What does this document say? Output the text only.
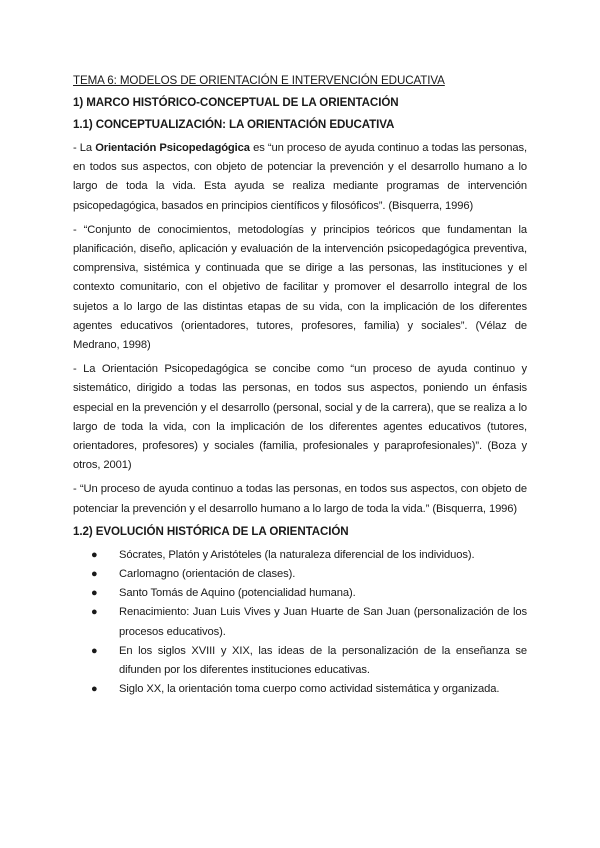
TEMA 6: MODELOS DE ORIENTACIÓN E INTERVENCIÓN EDUCATIVA
1) MARCO HISTÓRICO-CONCEPTUAL DE LA ORIENTACIÓN
1.1) CONCEPTUALIZACIÓN: LA ORIENTACIÓN EDUCATIVA

- La Orientación Psicopedagógica es “un proceso de ayuda continuo a todas las personas, en todos sus aspectos, con objeto de potenciar la prevención y el desarrollo humano a lo largo de toda la vida. Esta ayuda se realiza mediante programas de intervención psicopedagógica, basados en principios científicos y filosóficos”. (Bisquerra, 1996)

- “Conjunto de conocimientos, metodologías y principios teóricos que fundamentan la planificación, diseño, aplicación y evaluación de la intervención psicopedagógica preventiva, comprensiva, sistémica y continuada que se dirige a las personas, las instituciones y el contexto comunitario, con el objetivo de facilitar y promover el desarrollo integral de los sujetos a lo largo de las distintas etapas de su vida, con la implicación de los diferentes agentes educativos (orientadores, tutores, profesores, familia) y sociales”. (Vélaz de Medrano, 1998)

- La Orientación Psicopedagógica se concibe como “un proceso de ayuda continuo y sistemático, dirigido a todas las personas, en todos sus aspectos, poniendo un énfasis especial en la prevención y el desarrollo (personal, social y de la carrera), que se realiza a lo largo de toda la vida, con la implicación de los diferentes agentes educativos (tutores, orientadores, profesores) y sociales (familia, profesionales y paraprofesionales)”. (Boza y otros, 2001)

- “Un proceso de ayuda continuo a todas las personas, en todos sus aspectos, con objeto de potenciar la prevención y el desarrollo humano a lo largo de toda la vida.” (Bisquerra, 1996)

1.2) EVOLUCIÓN HISTÓRICA DE LA ORIENTACIÓN
● Sócrates, Platón y Aristóteles (la naturaleza diferencial de los individuos).
● Carlomagno (orientación de clases).
● Santo Tomás de Aquino (potencialidad humana).
● Renacimiento: Juan Luis Vives y Juan Huarte de San Juan (personalización de los procesos educativos).
● En los siglos XVIII y XIX, las ideas de la personalización de la enseñanza se difunden por los diferentes instituciones educativas.
● Siglo XX, la orientación toma cuerpo como actividad sistemática y organizada.
